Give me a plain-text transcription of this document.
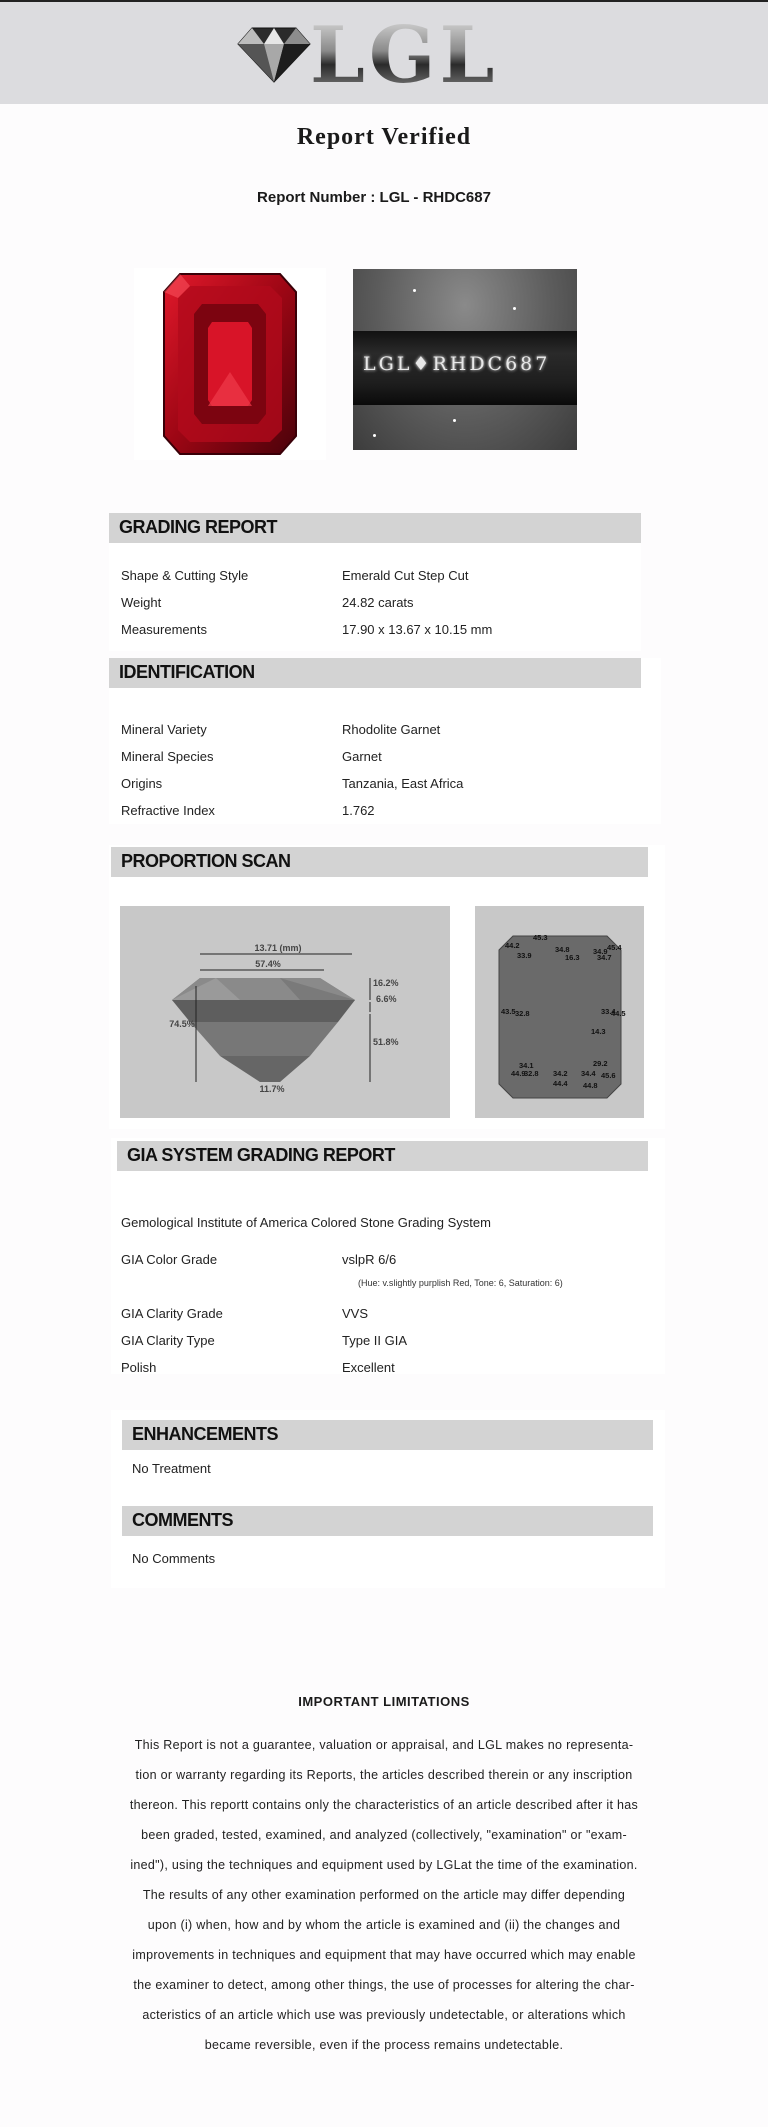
LGL
Report Verified
Report Number : LGL - RHDC687
LGL♦RHDC687
GRADING REPORT
Shape & Cutting Style	Emerald Cut Step Cut
Weight	24.82 carats
Measurements	17.90 x 13.67 x 10.15 mm
IDENTIFICATION
Mineral Variety	Rhodolite Garnet
Mineral Species	Garnet
Origins	Tanzania, East Africa
Refractive Index	1.762
PROPORTION SCAN
13.71 (mm)
57.4%
74.5%
16.2%
6.6%
51.8%
11.7%
45.3
44.2	45.4
33.9
34.8
16.3
34.9
34.7
43.5 32.8	33.4
44.5
14.3
34.1	29.2
44.9
32.8 34.2 34.4 45.6
44.4 44.8
GIA SYSTEM GRADING REPORT
Gemological Institute of America Colored Stone Grading System
GIA Color Grade	vslpR 6/6
(Hue: v.slightly purplish Red, Tone: 6, Saturation: 6)
GIA Clarity Grade	VVS
GIA Clarity Type	Type II GIA
Polish	Excellent
ENHANCEMENTS
No Treatment
COMMENTS
No Comments
IMPORTANT LIMITATIONS
This Report is not a guarantee, valuation or appraisal, and LGL makes no representa-
tion or warranty regarding its Reports, the articles described therein or any inscription
thereon. This reportt contains only the characteristics of an article described after it has
been graded, tested, examined, and analyzed (collectively, "examination" or "exam-
ined"), using the techniques and equipment used by LGLat the time of the examination.
The results of any other examination performed on the article may differ depending
upon (i) when, how and by whom the article is examined and (ii) the changes and
improvements in techniques and equipment that may have occurred which may enable
the examiner to detect, among other things, the use of processes for altering the char-
acteristics of an article which use was previously undetectable, or alterations which
became reversible, even if the process remains undetectable.
